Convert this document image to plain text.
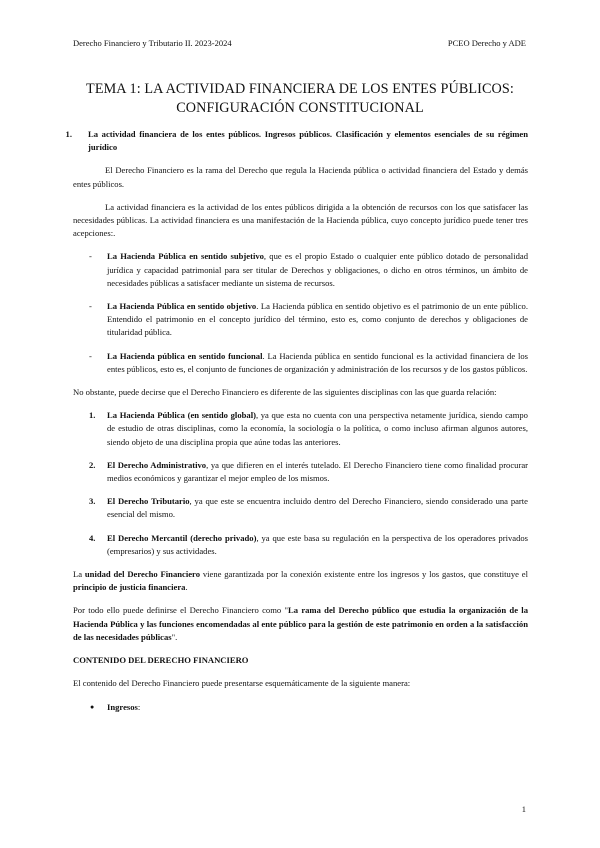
Derecho Financiero y Tributario II. 2023-2024	PCEO Derecho y ADE
TEMA 1: LA ACTIVIDAD FINANCIERA DE LOS ENTES PÚBLICOS:
CONFIGURACIÓN CONSTITUCIONAL
1. La actividad financiera de los entes públicos. Ingresos públicos. Clasificación y elementos esenciales de su régimen jurídico

El Derecho Financiero es la rama del Derecho que regula la Hacienda pública o actividad financiera del Estado y demás entes públicos.

La actividad financiera es la actividad de los entes públicos dirigida a la obtención de recursos con los que satisfacer las necesidades públicas. La actividad financiera es una manifestación de la Hacienda pública, cuyo concepto jurídico puede tener tres acepciones:.

- La Hacienda Pública en sentido subjetivo, que es el propio Estado o cualquier ente público dotado de personalidad jurídica y capacidad patrimonial para ser titular de Derechos y obligaciones, o dicho en otros términos, un ámbito de necesidades públicas a satisfacer mediante un sistema de recursos.
- La Hacienda Pública en sentido objetivo. La Hacienda pública en sentido objetivo es el patrimonio de un ente público. Entendido el patrimonio en el concepto jurídico del término, esto es, como conjunto de derechos y obligaciones de titularidad pública.
- La Hacienda pública en sentido funcional. La Hacienda pública en sentido funcional es la actividad financiera de los entes públicos, esto es, el conjunto de funciones de organización y administración de los recursos y de los gastos públicos.

No obstante, puede decirse que el Derecho Financiero es diferente de las siguientes disciplinas con las que guarda relación:

1. La Hacienda Pública (en sentido global), ya que esta no cuenta con una perspectiva netamente jurídica, siendo campo de estudio de otras disciplinas, como la economía, la sociología o la política, o como incluso afirman algunos autores, siendo objeto de una disciplina propia que aúne todas las anteriores.
2. El Derecho Administrativo, ya que difieren en el interés tutelado. El Derecho Financiero tiene como finalidad procurar medios económicos y garantizar el mejor empleo de los mismos.
3. El Derecho Tributario, ya que este se encuentra incluido dentro del Derecho Financiero, siendo considerado una parte esencial del mismo.
4. El Derecho Mercantil (derecho privado), ya que este basa su regulación en la perspectiva de los operadores privados (empresarios) y sus actividades.

La unidad del Derecho Financiero viene garantizada por la conexión existente entre los ingresos y los gastos, que constituye el principio de justicia financiera.

Por todo ello puede definirse el Derecho Financiero como "La rama del Derecho público que estudia la organización de la Hacienda Pública y las funciones encomendadas al ente público para la gestión de este patrimonio en orden a la satisfacción de las necesidades públicas".

CONTENIDO DEL DERECHO FINANCIERO

El contenido del Derecho Financiero puede presentarse esquemáticamente de la siguiente manera:

● Ingresos:
1
